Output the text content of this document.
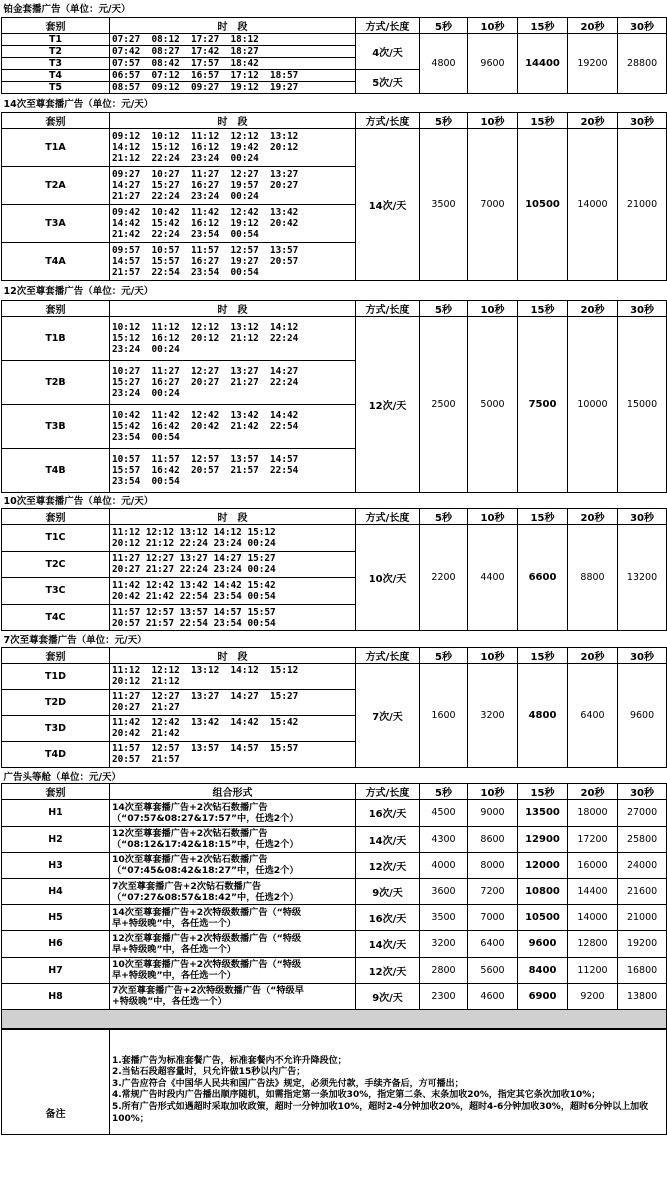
铂金套播广告（单位：元/天）							
套别	时　段	方式/长度	5秒	10秒	15秒	20秒	30秒
T1	07:27  08:12  17:27  18:12	4次/天	4800	9600	14400	19200	28800
T2	07:42  08:27  17:42  18:27						
T3	07:57  08:42  17:57  18:42						
T4	06:57  07:12  16:57  17:12  18:57	5次/天					
T5	08:57  09:12  09:27  19:12  19:27						
14次至尊套播广告（单位：元/天）							
套别	时　段	方式/长度	5秒	10秒	15秒	20秒	30秒
T1A	09:12  10:12  11:12  12:12  13:12
14:12  15:12  16:12  19:42  20:12
21:12  22:24  23:24  00:24	14次/天	3500	7000	10500	14000	21000
T2A	09:27  10:27  11:27  12:27  13:27
14:27  15:27  16:27  19:57  20:27
21:27  22:24  23:24  00:24						
T3A	09:42  10:42  11:42  12:42  13:42
14:42  15:42  16:12  19:12  20:42
21:42  22:24  23:54  00:54						
T4A	09:57  10:57  11:57  12:57  13:57
14:57  15:57  16:27  19:27  20:57
21:57  22:54  23:54  00:54						
12次至尊套播广告（单位：元/天）							
套别	时　段	方式/长度	5秒	10秒	15秒	20秒	30秒
T1B	10:12  11:12  12:12  13:12  14:12
15:12  16:12  20:12  21:12  22:24
23:24  00:24	12次/天	2500	5000	7500	10000	15000
T2B	10:27  11:27  12:27  13:27  14:27
15:27  16:27  20:27  21:27  22:24
23:24  00:24						
T3B	10:42  11:42  12:42  13:42  14:42
15:42  16:42  20:42  21:42  22:54
23:54  00:54						
T4B	10:57  11:57  12:57  13:57  14:57
15:57  16:42  20:57  21:57  22:54
23:54  00:54						
10次至尊套播广告（单位：元/天）							
套别	时　段	方式/长度	5秒	10秒	15秒	20秒	30秒
T1C	11:12 12:12 13:12 14:12 15:12
20:12 21:12 22:24 23:24 00:24	10次/天	2200	4400	6600	8800	13200
T2C	11:27 12:27 13:27 14:27 15:27
20:27 21:27 22:24 23:24 00:24						
T3C	11:42 12:42 13:42 14:42 15:42
20:42 21:42 22:54 23:54 00:54						
T4C	11:57 12:57 13:57 14:57 15:57
20:57 21:57 22:54 23:54 00:54						
7次至尊套播广告（单位：元/天）							
套别	时　段	方式/长度	5秒	10秒	15秒	20秒	30秒
T1D	11:12  12:12  13:12  14:12  15:12
20:12  21:12	7次/天	1600	3200	4800	6400	9600
T2D	11:27  12:27  13:27  14:27  15:27
20:27  21:27						
T3D	11:42  12:42  13:42  14:42  15:42
20:42  21:42						
T4D	11:57  12:57  13:57  14:57  15:57
20:57  21:57						
广告头等舱（单位：元/天）							
套别	组合形式	方式/长度	5秒	10秒	15秒	20秒	30秒
H1	14次至尊套播广告+2次钻石数播广告
（“07:57&08:27&17:57”中，任选2个）	16次/天	4500	9000	13500	18000	27000
H2	12次至尊套播广告+2次钻石数播广告
（“08:12&17:42&18:15”中，任选2个）	14次/天	4300	8600	12900	17200	25800
H3	10次至尊套播广告+2次钻石数播广告
（“07:45&08:42&18:27”中，任选2个）	12次/天	4000	8000	12000	16000	24000
H4	7次至尊套播广告+2次钻石数播广告
（“07:27&08:57&18:42”中，任选2个）	9次/天	3600	7200	10800	14400	21600
H5	14次至尊套播广告+2次特级数播广告（“特级
早+特级晚”中，各任选一个）	16次/天	3500	7000	10500	14000	21000
H6	12次至尊套播广告+2次特级数播广告（“特级
早+特级晚”中，各任选一个）	14次/天	3200	6400	9600	12800	19200
H7	10次至尊套播广告+2次特级数播广告（“特级
早+特级晚”中，各任选一个）	12次/天	2800	5600	8400	11200	16800
H8	7次至尊套播广告+2次特级数播广告（“特级早
+特级晚”中，各任选一个）	9次/天	2300	4600	6900	9200	13800

备注	
1.套播广告为标准套餐广告，标准套餐内不允许升降段位；
2.当钻石段超容量时，只允许做15秒以内广告；
3.广告应符合《中国华人民共和国广告法》规定，必须先付款，手续齐备后，方可播出；
4.常规广告时段内广告播出顺序随机，如需指定第一条加收30%，指定第二条、末条加收20%，指定其它条次加收10%；
5.所有广告形式如遇超时采取加收政策，超时一分钟加收10%，超时2-4分钟加收20%，超时4-6分钟加收30%，超时6分钟以上加收100%；
